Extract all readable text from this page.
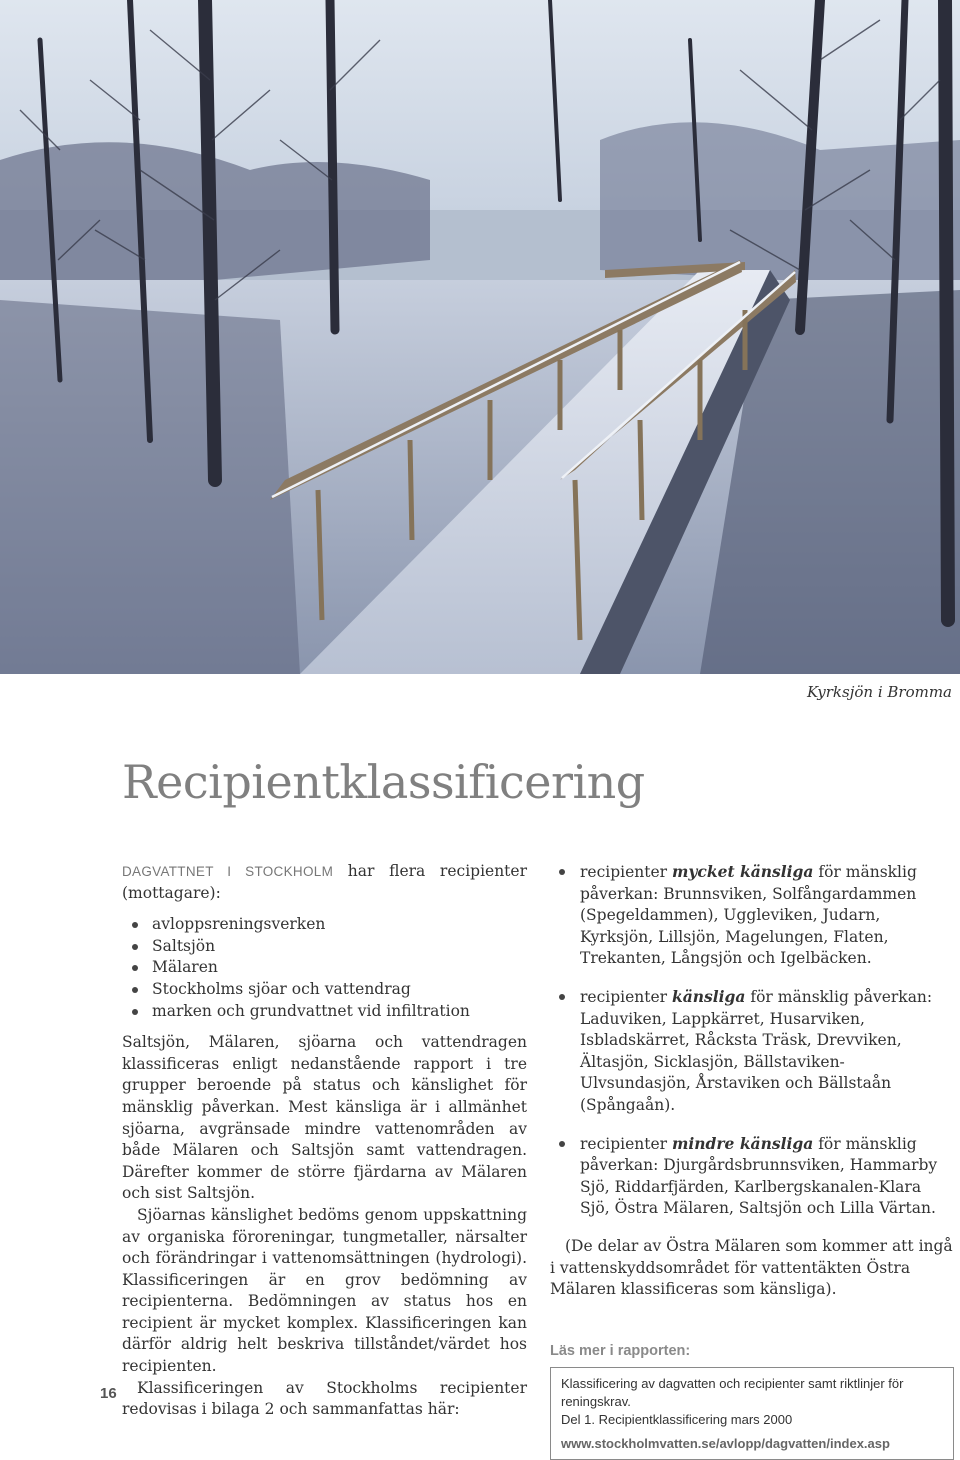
Kyrksjön i Bromma
Recipientklassificering

DAGVATTNET I STOCKHOLM har flera recipienter (mottagare):

avloppsreningsverken
Saltsjön
Mälaren
Stockholms sjöar och vattendrag
marken och grundvattnet vid infiltration

Saltsjön, Mälaren, sjöarna och vattendragen klassificeras enligt nedanstående rapport i tre grupper beroende på status och känslighet för mänsklig påverkan. Mest känsliga är i allmänhet sjöarna, avgränsade mindre vattenområden av både Mälaren och Saltsjön samt vattendragen. Därefter kommer de större fjärdarna av Mälaren och sist Saltsjön.

Sjöarnas känslighet bedöms genom uppskattning av organiska föroreningar, tungmetaller, närsalter och förändringar i vattenomsättningen (hydrologi). Klassificeringen är en grov bedömning av recipienterna. Bedömningen av status hos en recipient är mycket komplex. Klassificeringen kan därför aldrig helt beskriva tillståndet/värdet hos recipienten.

Klassificeringen av Stockholms recipienter redovisas i bilaga 2 och sammanfattas här:

recipienter mycket känsliga för mänsklig påverkan: Brunnsviken, Solfångardammen (Spegeldammen), Uggleviken, Judarn, Kyrksjön, Lillsjön, Magelungen, Flaten, Trekanten, Långsjön och Igelbäcken.
recipienter känsliga för mänsklig påverkan: Laduviken, Lappkärret, Husarviken, Isbladskärret, Råcksta Träsk, Drevviken, Ältasjön, Sicklasjön, Bällstaviken-Ulvsundasjön, Årstaviken och Bällstaån (Spångaån).
recipienter mindre känsliga för mänsklig påverkan: Djurgårdsbrunnsviken, Hammarby Sjö, Riddarfjärden, Karlbergskanalen-Klara Sjö, Östra Mälaren, Saltsjön och Lilla Värtan.

(De delar av Östra Mälaren som kommer att ingå i vattenskyddsområdet för vattentäkten Östra Mälaren klassificeras som känsliga).

Läs mer i rapporten:
Klassificering av dagvatten och recipienter samt riktlinjer för reningskrav.
Del 1. Recipientklassificering mars 2000
www.stockholmvatten.se/avlopp/dagvatten/index.asp
16
